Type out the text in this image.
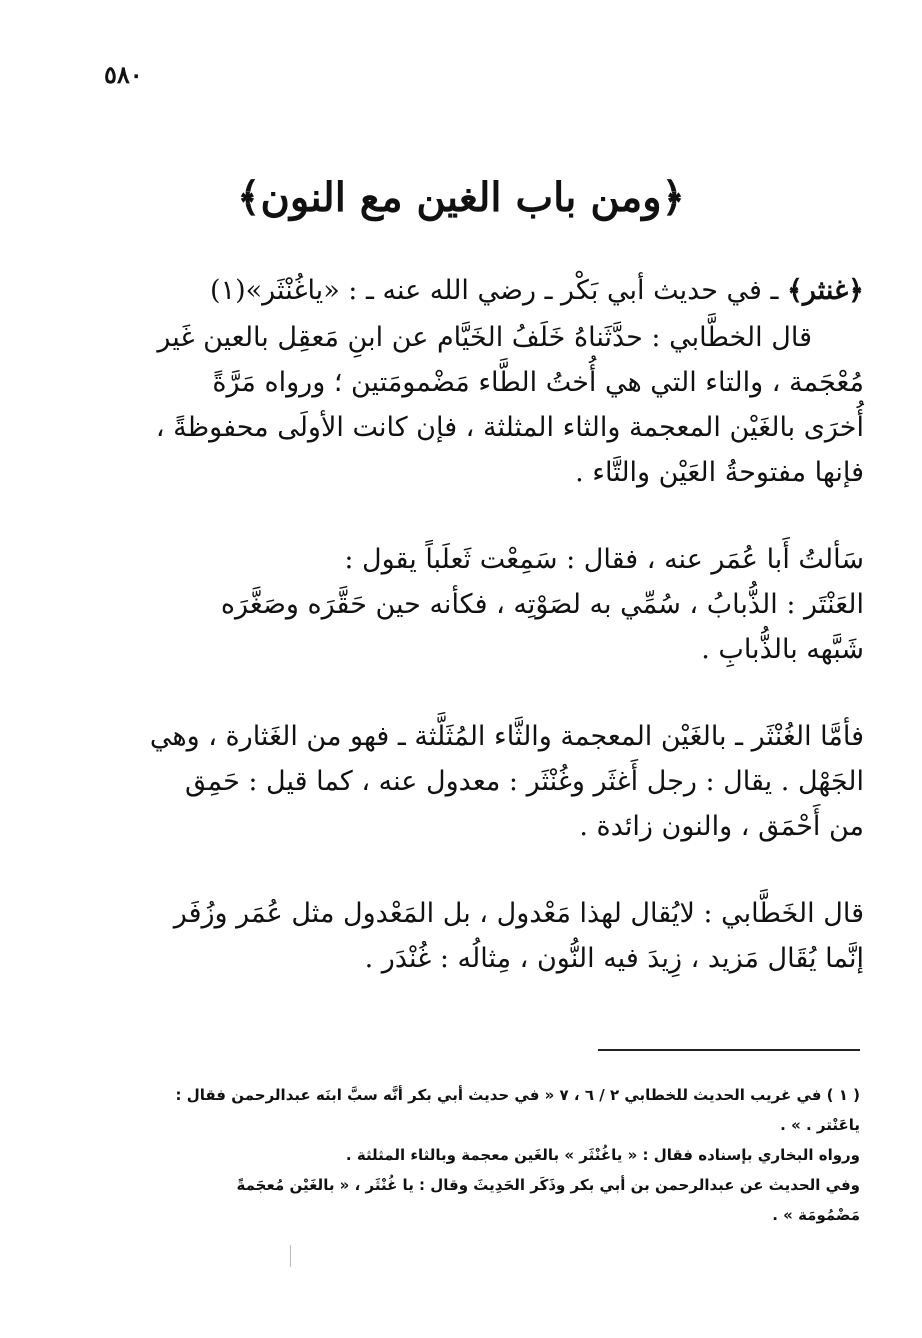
٥٨٠
﴿ومن باب الغين مع النون﴾
﴿غنثر﴾ ـ في حديث أبي بَكْر ـ رضي الله عنه ـ : «ياغُنْثَر»(١)
قال الخطَّابي : حدَّثَناهُ خَلَفُ الخَيَّام عن ابنِ مَعقِل بالعين غَير
مُعْجَمة ، والتاء التي هي أُختُ الطَّاء مَضْمومَتين ؛ ورواه مَرَّةً
أُخرَى بالغَيْن المعجمة والثاء المثلثة ، فإن كانت الأولَى محفوظةً ،
فإنها مفتوحةُ العَيْن والتَّاء .
سَألتُ أَبا عُمَر عنه ، فقال : سَمِعْت ثَعلَباً يقول :
العَنْتَر : الذُّبابُ ، سُمِّي به لصَوْتِه ، فكأنه حين حَقَّرَه وصَغَّرَه
شَبَّهه بالذُّبابِ .
فأمَّا الغُنْثَر ـ بالغَيْن المعجمة والثَّاء المُثَلَّثة ـ فهو من الغَثارة ، وهي
الجَهْل . يقال : رجل أَغثَر وغُنْثَر : معدول عنه ، كما قيل : حَمِق
من أَحْمَق ، والنون زائدة .
قال الخَطَّابي : لايُقال لهذا مَعْدول ، بل المَعْدول مثل عُمَر وزُفَر
إنَّما يُقَال مَزيد ، زِيدَ فيه النُّون ، مِثالُه : غُنْدَر .
( ١ ) في غريب الحديث للخطابي ٢ / ٦ ، ٧ « في حديث أبي بكر أنَّه سبَّ ابنَه عبدالرحمن فقال :
ياعَنْتر . » .
ورواه البخاري بإسناده فقال : « ياغُنْثَر » بالغَين معجمة وبالثاء المثلثة .
وفي الحديث عن عبدالرحمن بن أبي بكر وذَكَر الحَدِيثَ وقال : يا غُنْثَر ، « بالغَيْن مُعجَمةً
مَضْمُومَة » .
